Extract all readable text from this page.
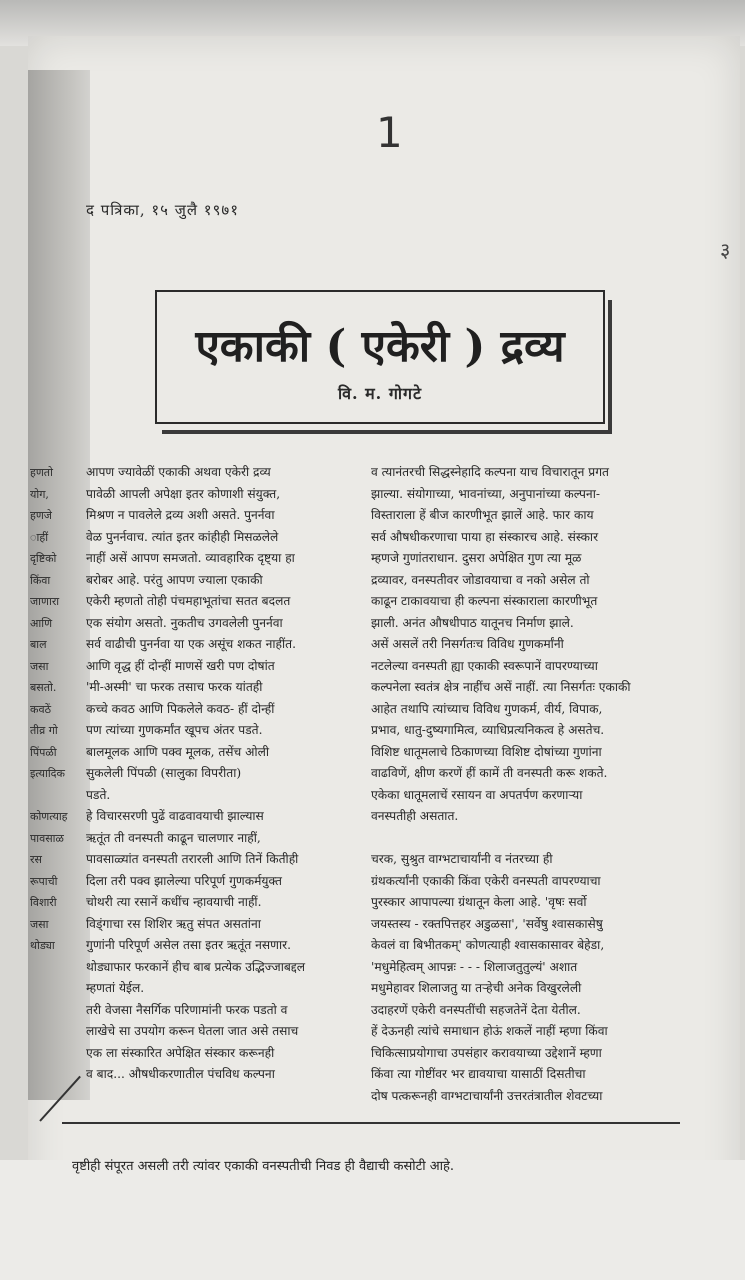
1
३
द पत्रिका, १५ जुलै १९७१
एकाकी ( एकेरी ) द्रव्य
वि. म. गोगटे
हणतो
योग,
हणजे
ाहीं
दृष्टिको
किंवा
जाणारा
आणि
बाल
जसा
बसतो.
कवठें
तीव्र गो
पिंपळी
इत्यादिक

कोणत्याह
पावसाळ
रस
रूपाची
विशारी
जसा
थोड्या
आपण ज्यावेळीं एकाकी अथवा एकेरी द्रव्य
पावेळी आपली अपेक्षा इतर कोणाशी संयुक्त,
मिश्रण न पावलेले द्रव्य अशी असते. पुनर्नवा
वेळ पुनर्नवाच. त्यांत इतर कांहीही मिसळलेले
नाहीं असें आपण समजतो. व्यावहारिक दृष्ट्या हा
बरोबर आहे. परंतु आपण ज्याला एकाकी
एकेरी म्हणतो तोही पंचमहाभूतांचा सतत बदलत
एक संयोग असतो. नुकतीच उगवलेली पुनर्नवा
सर्व वाढीची पुनर्नवा या एक असूंच शकत नाहींत.
आणि वृद्ध हीं दोन्हीं माणसें खरी पण दोषांत
'मी-अस्मी' चा फरक तसाच फरक यांतही
कच्चे कवठ आणि पिकलेले कवठ- हीं दोन्हीं
पण त्यांच्या गुणकर्मांत खूपच अंतर पडते.
बालमूलक आणि पक्व मूलक, तसेंच ओली
सुकलेली पिंपळी (सालुका विपरीता)
पडते.
हे विचारसरणी पुढें वाढवावयाची झाल्यास
ऋतूंत ती वनस्पती काढून चालणार नाहीं,
पावसाळ्यांत वनस्पती तरारली आणि तिनें कितीही
दिला तरी पक्व झालेल्या परिपूर्ण गुणकर्मयुक्त
चोथरी त्या रसानें कधींच न्हावयाची नाहीं.
विड्ंगाचा रस शिशिर ऋतु संपत असतांना
गुणांनी परिपूर्ण असेल तसा इतर ऋतूंत नसणार.
थोड्याफार फरकानें हीच बाब प्रत्येक उद्भिज्जाबद्दल
म्हणतां येईल.
तरी वेजसा नैसर्गिक परिणामांनी फरक पडतो व
लाखेचे सा उपयोग करून घेतला जात असे तसाच
एक ला संस्कारित अपेक्षित संस्कार करूनही
व बाद... औषधीकरणातील पंचविध कल्पना
व त्यानंतरची सिद्धस्नेहादि कल्पना याच विचारातून प्रगत
झाल्या. संयोगाच्या, भावनांच्या, अनुपानांच्या कल्पना-
विस्ताराला हें बीज कारणीभूत झालें आहे. फार काय
सर्व औषधीकरणाचा पाया हा संस्कारच आहे. संस्कार
म्हणजे गुणांतराधान. दुसरा अपेक्षित गुण त्या मूळ
द्रव्यावर, वनस्पतीवर जोडावयाचा व नको असेल तो
काढून टाकावयाचा ही कल्पना संस्काराला कारणीभूत
झाली. अनंत औषधीपाठ यातूनच निर्माण झाले.
असें असलें तरी निसर्गतःच विविध गुणकर्मांनी
नटलेल्या वनस्पती ह्या एकाकी स्वरूपानें वापरण्याच्या
कल्पनेला स्वतंत्र क्षेत्र नाहींच असें नाहीं. त्या निसर्गतः एकाकी
आहेत तथापि त्यांच्याच विविध गुणकर्म, वीर्य, विपाक,
प्रभाव, धातु-दुष्यगामित्व, व्याधिप्रत्यनिकत्व हे असतेच.
विशिष्ट धातूमलाचे ठिकाणच्या विशिष्ट दोषांच्या गुणांना
वाढविणें, क्षीण करणें हीं कामें ती वनस्पती करू शकते.
एकेका धातूमलाचें रसायन वा अपतर्पण करणाऱ्या
वनस्पतीही असतात.

चरक, सुश्रुत वाग्भटाचार्यांनी व नंतरच्या ही
ग्रंथकर्त्यांनी एकाकी किंवा एकेरी वनस्पती वापरण्याचा
पुरस्कार आपापल्या ग्रंथातून केला आहे. 'वृषः सर्वो
जयस्तस्य - रक्तपित्तहर अडुळसा', 'सर्वेषु श्वासकासेषु
केवलं वा बिभीतकम्' कोणत्याही श्वासकासावर बेहेडा,
'मधुमेहित्वम् आपन्नः - - - शिलाजतुतुल्यं' अशात
मधुमेहावर शिलाजतु या तऱ्हेची अनेक विखुरलेली
उदाहरणें एकेरी वनस्पतींची सहजतेनें देता येतील.
हें देऊनही त्यांचे समाधान होऊं शकलें नाहीं म्हणा किंवा
चिकित्साप्रयोगाचा उपसंहार करावयाच्या उद्देशानें म्हणा
किंवा त्या गोष्टींवर भर द्यावयाचा यासाठीं दिसतीचा
दोष पत्करूनही वाग्भटाचार्यांनी उत्तरतंत्रातील शेवटच्या
वृष्टीही संपूरत असली तरी त्यांवर एकाकी वनस्पतीची निवड ही वैद्याची कसोटी आहे.
